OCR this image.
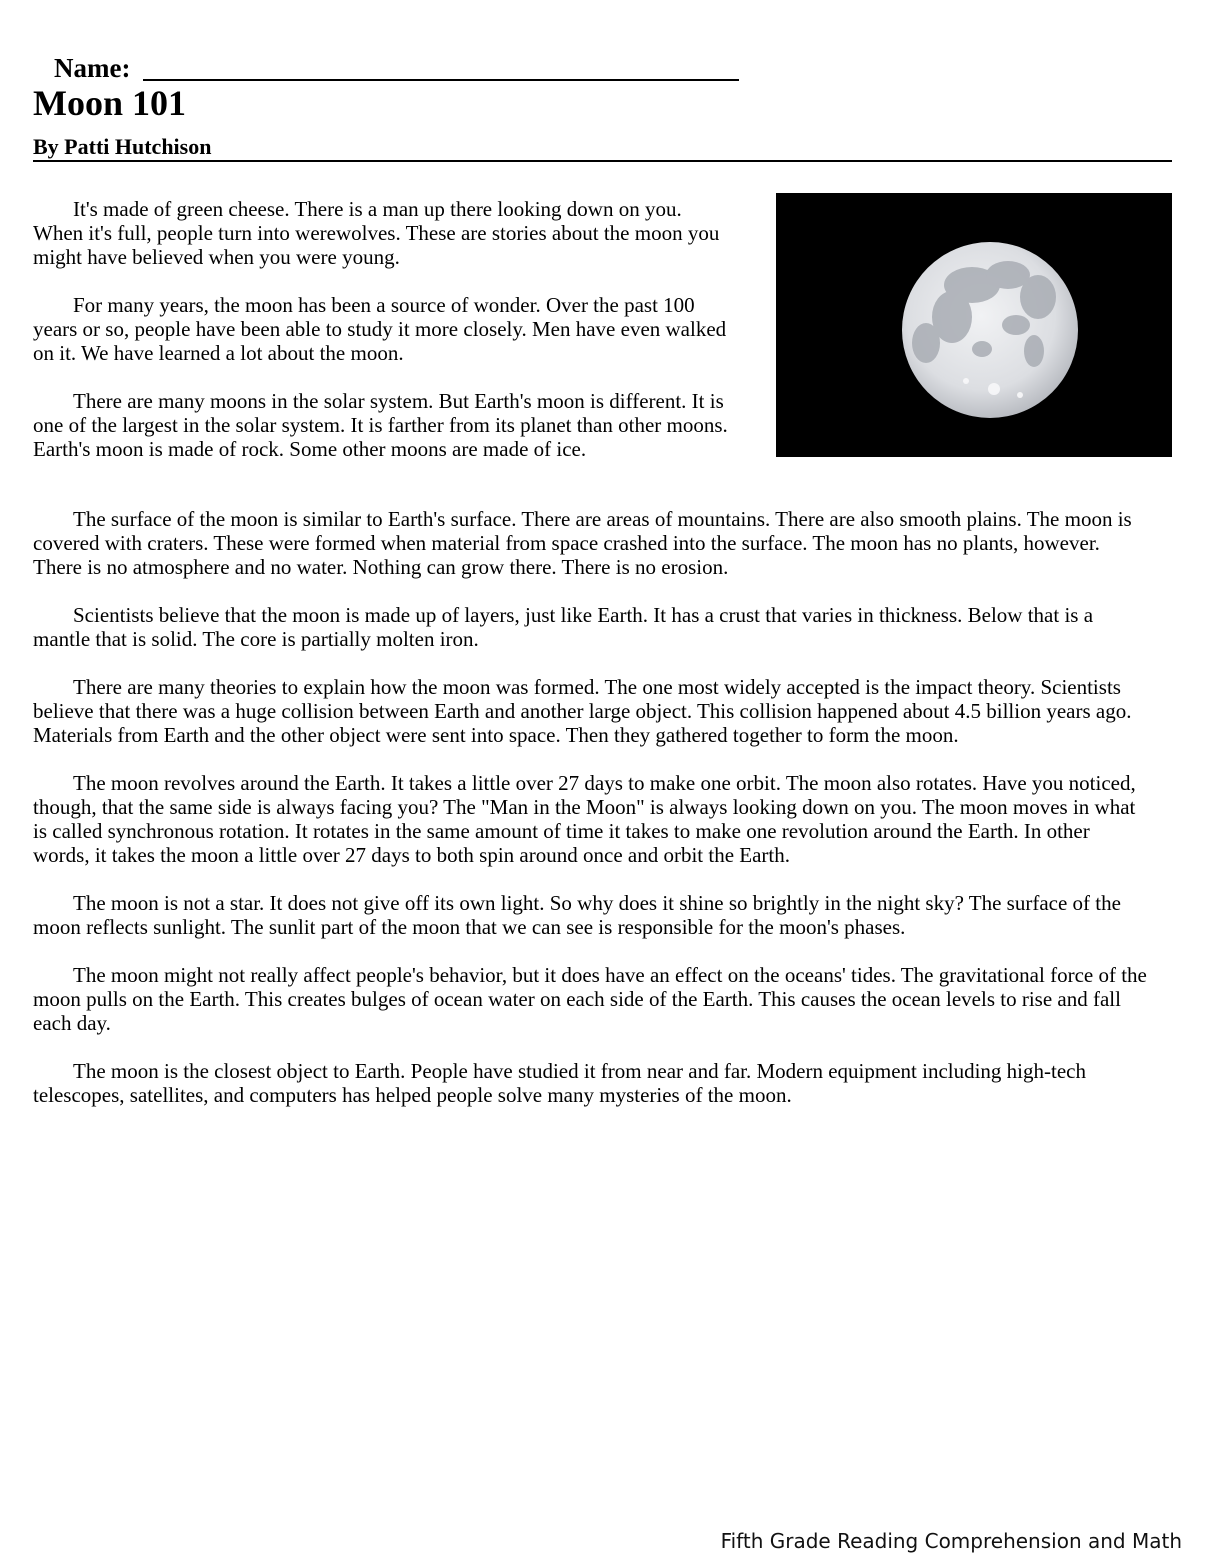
Name:
Moon 101
By Patti Hutchison

It's made of green cheese. There is a man up there looking down on you. When it's full, people turn into werewolves. These are stories about the moon you might have believed when you were young.

For many years, the moon has been a source of wonder. Over the past 100 years or so, people have been able to study it more closely. Men have even walked on it. We have learned a lot about the moon.

There are many moons in the solar system. But Earth's moon is different. It is one of the largest in the solar system. It is farther from its planet than other moons. Earth's moon is made of rock. Some other moons are made of ice.

The surface of the moon is similar to Earth's surface. There are areas of mountains. There are also smooth plains. The moon is covered with craters. These were formed when material from space crashed into the surface. The moon has no plants, however. There is no atmosphere and no water. Nothing can grow there. There is no erosion.

Scientists believe that the moon is made up of layers, just like Earth. It has a crust that varies in thickness. Below that is a mantle that is solid. The core is partially molten iron.

There are many theories to explain how the moon was formed. The one most widely accepted is the impact theory. Scientists believe that there was a huge collision between Earth and another large object. This collision happened about 4.5 billion years ago. Materials from Earth and the other object were sent into space. Then they gathered together to form the moon.

The moon revolves around the Earth. It takes a little over 27 days to make one orbit. The moon also rotates. Have you noticed, though, that the same side is always facing you? The "Man in the Moon" is always looking down on you. The moon moves in what is called synchronous rotation. It rotates in the same amount of time it takes to make one revolution around the Earth. In other words, it takes the moon a little over 27 days to both spin around once and orbit the Earth.

The moon is not a star. It does not give off its own light. So why does it shine so brightly in the night sky? The surface of the moon reflects sunlight. The sunlit part of the moon that we can see is responsible for the moon's phases.

The moon might not really affect people's behavior, but it does have an effect on the oceans' tides. The gravitational force of the moon pulls on the Earth. This creates bulges of ocean water on each side of the Earth. This causes the ocean levels to rise and fall each day.

The moon is the closest object to Earth. People have studied it from near and far. Modern equipment including high-tech telescopes, satellites, and computers has helped people solve many mysteries of the moon.

Fifth Grade Reading Comprehension and Math
